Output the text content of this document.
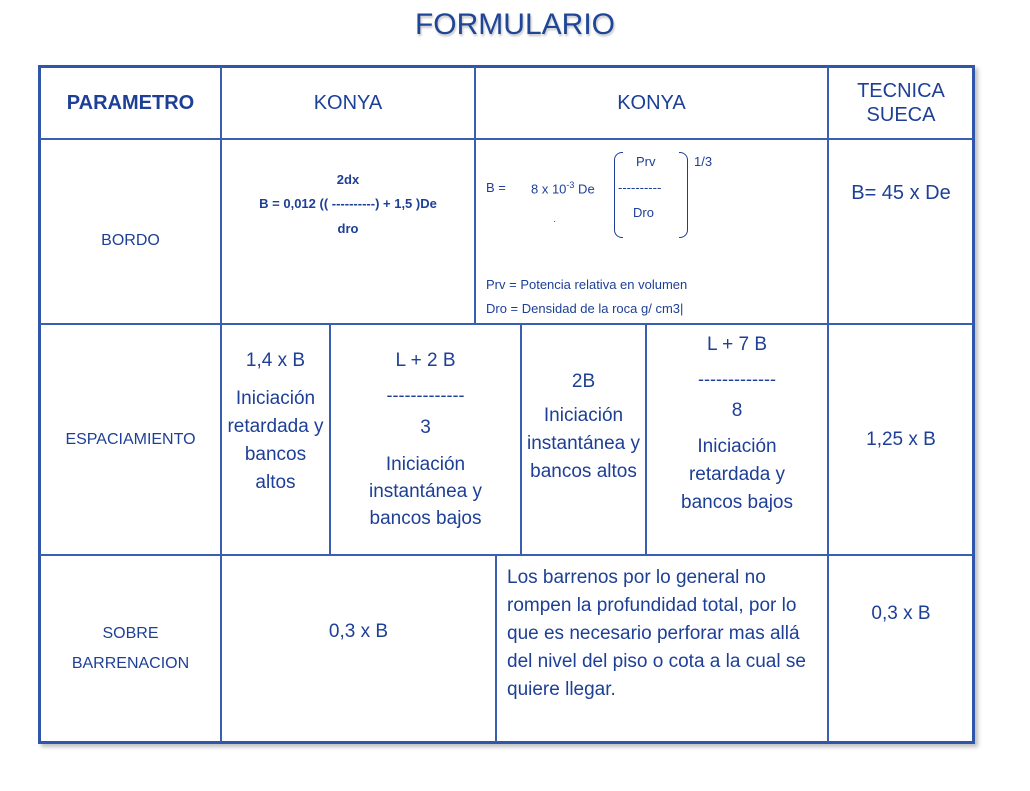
FORMULARIO
PARAMETRO	KONYA	KONYA
TECNICA SUECA
BORDO
2dx
B = 0,012 (( ----------) + 1,5 )De
dro
B = 8 x $10^{-3}$ De
Prv
----------
Dro
1/3
·
Prv = Potencia relativa en volumen
Dro = Densidad de la roca g/ cm3|
B= 45 x De
ESPACIAMIENTO
1,4 x B
Iniciación retardada y bancos altos
L + 2 B
-------------
3
Iniciación instantánea y bancos bajos
2B
Iniciación instantánea y bancos altos
L + 7 B
-------------
8
Iniciación retardada y bancos bajos
1,25 x B
SOBRE
BARRENACION
0,3 x B
Los barrenos por lo general no rompen la profundidad total, por lo que es necesario perforar mas allá del nivel del piso o cota a la cual se quiere llegar.
0,3 x B
